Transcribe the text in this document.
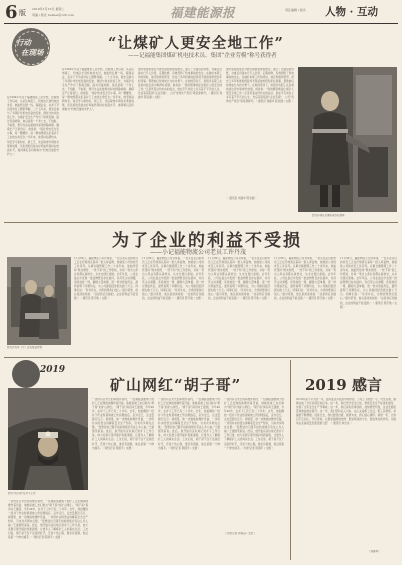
6 版 2019年1月15日 星期二
责编 / 版式 beimei@126.com	福建能源报	责任编辑 / 版式 人物 · 互动
行动
在现场
“让煤矿人更安全地工作”
——记福能集团煤矿机电技术员、集团“企业劳模”称号获得者
在1994年毕业于福建煤炭工业学校，自参加工作以来，从采区电钳工、机电队长到机电技术员，他始终扎根一线，兢兢业业，在井下平凡的岗位上默默奉献。二十五年来，他先后参与了多项矿井机电设备的安装、调试与技术改造工作，为煤矿安全生产作出了积极贡献。面对设备故障，他总是第一个冲上去，不怕脏、不怕累，想尽办法在最短时间内排除故障，确保生产正常进行。他常说：“煤矿机电安全无小事，每一颗螺丝、每一根电缆都关系着井下工友的生命安全。”多年来，他坚持钻研技术，刻苦学习新知识、新工艺，先后取得多项技术革新成果，所负责的设备完好率始终保持在较高水平，被同事们亲切地称为“机电设备的守护人”。
在1994年毕业于福建煤炭工业学校，自参加工作以来，从采区电钳工、机电队长到机电技术员，他始终扎根一线，兢兢业业，在井下平凡的岗位上默默奉献。二十五年来，他先后参与了多项矿井机电设备的安装、调试与技术改造工作，为煤矿安全生产作出了积极贡献。面对设备故障，他总是第一个冲上去，不怕脏、不怕累，想尽办法在最短时间内排除故障，确保生产正常进行。他常说：“煤矿机电安全无小事，每一颗螺丝、每一根电缆都关系着井下工友的生命安全。”多年来，他坚持钻研技术，刻苦学习新知识、新工艺，先后取得多项技术革新成果，所负责的设备完好率始终保持在较高水平，被同事们亲切地称为“机电设备的守护人”。
他带领班组成员开展设备隐患排查整治，建立了设备巡检台账，对重点设备实行专人负责、定期检修，有效预防了机电事故的发生。在做好本职工作的同时，他还积极传帮带，把自己多年积累的经验毫无保留地传授给年轻同事，帮助他们快速成长为技术骨干。在他的带动下，班组多名职工在各类技能比武中取得好成绩。他常说：“我的愿望就是让煤矿人更安全地工作。”正是凭着这份朴实的信念，他在平凡岗位上书写着不平凡的人生，先后荣获集团“企业劳模”、公司“优秀共产党员”等荣誉称号。（ 通讯员 刘建华 陈家健 / 文图 ）
他带领班组成员开展设备隐患排查整治，建立了设备巡检台账，对重点设备实行专人负责、定期检修，有效预防了机电事故的发生。在做好本职工作的同时，他还积极传帮带，把自己多年积累的经验毫无保留地传授给年轻同事，帮助他们快速成长为技术骨干。在他的带动下，班组多名职工在各类技能比武中取得好成绩。他常说：“我的愿望就是让煤矿人更安全地工作。”正是凭着这份朴实的信念，他在平凡岗位上书写着不平凡的人生，先后荣获集团“企业劳模”、公司“优秀共产党员”等荣誉称号。（ 通讯员 刘建华 陈家健 / 文图 ）
图为许林在从事机电作业现场
（ 通讯员 刘建华 陈家健 ）
为了企业的利益不受损
——小记福能物流公司老员工许丹茂
图为许丹茂（左）正在检查货物
11月30日，福能物流公司仓库里，一位头发花白的老员工正在仔细清点着每一批入库货物，他就是公司的老员工许丹茂。从事仓储管理工作二十余年来，他始终坚持“账实相符、一丝不苟”的工作原则，对每一笔出入库业务都认真核对，从未出现过差错。去年年底，公司在盘点中发现一批货物账目存在疑问，许丹茂主动请缨，连续加班一周，翻阅大量单据，逐一核对原始凭证，最终查明了问题所在，为公司挽回经济损失数十万元。同事们说：“有老许在，仓库的账我们放心。”面对荣誉，他总是淡淡地说：“这是我应该做的，企业的利益不能受损。”（ 通讯员 陈宇航 / 文图 ）
11月30日，福能物流公司仓库里，一位头发花白的老员工正在仔细清点着每一批入库货物，他就是公司的老员工许丹茂。从事仓储管理工作二十余年来，他始终坚持“账实相符、一丝不苟”的工作原则，对每一笔出入库业务都认真核对，从未出现过差错。去年年底，公司在盘点中发现一批货物账目存在疑问，许丹茂主动请缨，连续加班一周，翻阅大量单据，逐一核对原始凭证，最终查明了问题所在，为公司挽回经济损失数十万元。同事们说：“有老许在，仓库的账我们放心。”面对荣誉，他总是淡淡地说：“这是我应该做的，企业的利益不能受损。”（ 通讯员 陈宇航 / 文图 ）
11月30日，福能物流公司仓库里，一位头发花白的老员工正在仔细清点着每一批入库货物，他就是公司的老员工许丹茂。从事仓储管理工作二十余年来，他始终坚持“账实相符、一丝不苟”的工作原则，对每一笔出入库业务都认真核对，从未出现过差错。去年年底，公司在盘点中发现一批货物账目存在疑问，许丹茂主动请缨，连续加班一周，翻阅大量单据，逐一核对原始凭证，最终查明了问题所在，为公司挽回经济损失数十万元。同事们说：“有老许在，仓库的账我们放心。”面对荣誉，他总是淡淡地说：“这是我应该做的，企业的利益不能受损。”（ 通讯员 陈宇航 / 文图 ）
11月30日，福能物流公司仓库里，一位头发花白的老员工正在仔细清点着每一批入库货物，他就是公司的老员工许丹茂。从事仓储管理工作二十余年来，他始终坚持“账实相符、一丝不苟”的工作原则，对每一笔出入库业务都认真核对，从未出现过差错。去年年底，公司在盘点中发现一批货物账目存在疑问，许丹茂主动请缨，连续加班一周，翻阅大量单据，逐一核对原始凭证，最终查明了问题所在，为公司挽回经济损失数十万元。同事们说：“有老许在，仓库的账我们放心。”面对荣誉，他总是淡淡地说：“这是我应该做的，企业的利益不能受损。”（ 通讯员 陈宇航 / 文图 ）
11月30日，福能物流公司仓库里，一位头发花白的老员工正在仔细清点着每一批入库货物，他就是公司的老员工许丹茂。从事仓储管理工作二十余年来，他始终坚持“账实相符、一丝不苟”的工作原则，对每一笔出入库业务都认真核对，从未出现过差错。去年年底，公司在盘点中发现一批货物账目存在疑问，许丹茂主动请缨，连续加班一周，翻阅大量单据，逐一核对原始凭证，最终查明了问题所在，为公司挽回经济损失数十万元。同事们说：“有老许在，仓库的账我们放心。”面对荣誉，他总是淡淡地说：“这是我应该做的，企业的利益不能受损。”（ 通讯员 陈宇航 / 文图 ）
2019
图为“胡子哥”在井下工作
矿山网红“胡子哥”
一条约有百米长的斜坡井巷内，一位满脸络腮胡子的矿工正在熟练地操作着设备，他就是被工友们称为“胡子哥”的矿山网红。“胡子哥”真名叫王建国，今年48岁，在井下工作已有二十多年。去年，他拍摄的一段井下作业短视频被上传到网络后，意外走红，点击量超过百万。视频里，他一边熟练地操作设备，一边用朴实的语言讲解着安全生产知识，引来众多网友点赞。“没想到自己随手拍的视频会有这么多人看。”王建国笑着说。此后，他开始有意识地记录井下工作日常，向大家展示现代煤矿的新面貌，让更多人了解煤矿工人的真实生活。工友们说，胡子哥不仅干活是把好手，还是个热心肠，谁家有困难，他总是第一个伸出援手。（ 特约记者 陈国平 / 文图 ）
一条约有百米长的斜坡井巷内，一位满脸络腮胡子的矿工正在熟练地操作着设备，他就是被工友们称为“胡子哥”的矿山网红。“胡子哥”真名叫王建国，今年48岁，在井下工作已有二十多年。去年，他拍摄的一段井下作业短视频被上传到网络后，意外走红，点击量超过百万。视频里，他一边熟练地操作设备，一边用朴实的语言讲解着安全生产知识，引来众多网友点赞。“没想到自己随手拍的视频会有这么多人看。”王建国笑着说。此后，他开始有意识地记录井下工作日常，向大家展示现代煤矿的新面貌，让更多人了解煤矿工人的真实生活。工友们说，胡子哥不仅干活是把好手，还是个热心肠，谁家有困难，他总是第一个伸出援手。（ 特约记者 陈国平 / 文图 ）
一条约有百米长的斜坡井巷内，一位满脸络腮胡子的矿工正在熟练地操作着设备，他就是被工友们称为“胡子哥”的矿山网红。“胡子哥”真名叫王建国，今年48岁，在井下工作已有二十多年。去年，他拍摄的一段井下作业短视频被上传到网络后，意外走红，点击量超过百万。视频里，他一边熟练地操作设备，一边用朴实的语言讲解着安全生产知识，引来众多网友点赞。“没想到自己随手拍的视频会有这么多人看。”王建国笑着说。此后，他开始有意识地记录井下工作日常，向大家展示现代煤矿的新面貌，让更多人了解煤矿工人的真实生活。工友们说，胡子哥不仅干活是把好手，还是个热心肠，谁家有困难，他总是第一个伸出援手。（ 特约记者 陈国平 / 文图 ）
一条约有百米长的斜坡井巷内，一位满脸络腮胡子的矿工正在熟练地操作着设备，他就是被工友们称为“胡子哥”的矿山网红。“胡子哥”真名叫王建国，今年48岁，在井下工作已有二十多年。去年，他拍摄的一段井下作业短视频被上传到网络后，意外走红，点击量超过百万。视频里，他一边熟练地操作设备，一边用朴实的语言讲解着安全生产知识，引来众多网友点赞。“没想到自己随手拍的视频会有这么多人看。”王建国笑着说。此后，他开始有意识地记录井下工作日常，向大家展示现代煤矿的新面貌，让更多人了解煤矿工人的真实生活。工友们说，胡子哥不仅干活是把好手，还是个热心肠，谁家有困难，他总是第一个伸出援手。（ 特约记者 陈国平 / 文图 ）
（ 特约记者 林海涛 / 文图 ）
2019 感言
2019年是不平凡的一年，面对复杂多变的市场形势，公司上下团结一心、攻坚克难，圆满完成了全年各项目标任务。这一年，我们坚守安全红线，狠抓安全生产标准化建设，实现了全年安全生产零事故；这一年，我们深化改革创新，加快转型升级，企业发展质量和效益稳步提升；这一年，我们坚持以人为本，关心关爱职工生活，职工获得感、幸福感不断增强。回首过去，我们倍感自豪；展望未来，我们信心满怀。新的一年，让我们不忘初心、牢记使命，以更加饱满的热情、更加昂扬的斗志、更加务实的作风，为推动企业高质量发展贡献力量！（ 通讯员 林志远 ）
（刘建华）
